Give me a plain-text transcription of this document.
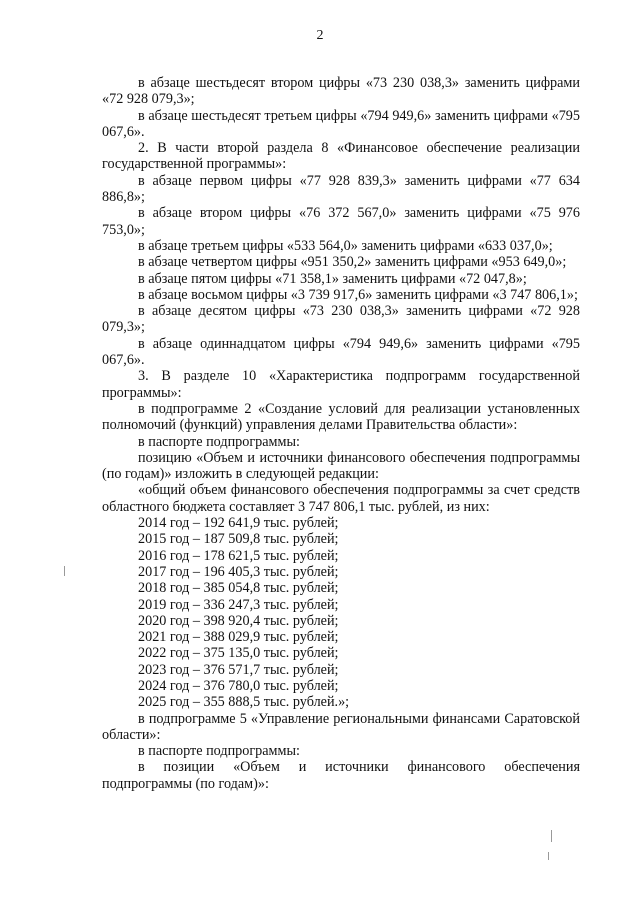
2

в абзаце шестьдесят втором цифры «73 230 038,3» заменить цифрами «72 928 079,3»;

в абзаце шестьдесят третьем цифры «794 949,6» заменить цифрами «795 067,6».

2. В части второй раздела 8 «Финансовое обеспечение реализации государственной программы»:

в абзаце первом цифры «77 928 839,3» заменить цифрами «77 634 886,8»;

в абзаце втором цифры «76 372 567,0» заменить цифрами «75 976 753,0»;

в абзаце третьем цифры «533 564,0» заменить цифрами «633 037,0»;

в абзаце четвертом цифры «951 350,2» заменить цифрами «953 649,0»;

в абзаце пятом цифры «71 358,1» заменить цифрами «72 047,8»;

в абзаце восьмом цифры «3 739 917,6» заменить цифрами «3 747 806,1»;

в абзаце десятом цифры «73 230 038,3» заменить цифрами «72 928 079,3»;

в абзаце одиннадцатом цифры «794 949,6» заменить цифрами «795 067,6».

3. В разделе 10 «Характеристика подпрограмм государственной программы»:

в подпрограмме 2 «Создание условий для реализации установленных полномочий (функций) управления делами Правительства области»:

в паспорте подпрограммы:

позицию «Объем и источники финансового обеспечения подпрограммы (по годам)» изложить в следующей редакции:

«общий объем финансового обеспечения подпрограммы за счет средств областного бюджета составляет 3 747 806,1 тыс. рублей, из них:

2014 год – 192 641,9 тыс. рублей;

2015 год – 187 509,8 тыс. рублей;

2016 год – 178 621,5 тыс. рублей;

2017 год – 196 405,3 тыс. рублей;

2018 год – 385 054,8 тыс. рублей;

2019 год – 336 247,3 тыс. рублей;

2020 год – 398 920,4 тыс. рублей;

2021 год – 388 029,9 тыс. рублей;

2022 год – 375 135,0 тыс. рублей;

2023 год – 376 571,7 тыс. рублей;

2024 год – 376 780,0 тыс. рублей;

2025 год – 355 888,5 тыс. рублей.»;

в подпрограмме 5 «Управление региональными финансами Саратовской области»:

в паспорте подпрограммы:

в позиции «Объем и источники финансового обеспечения подпрограммы (по годам)»:
